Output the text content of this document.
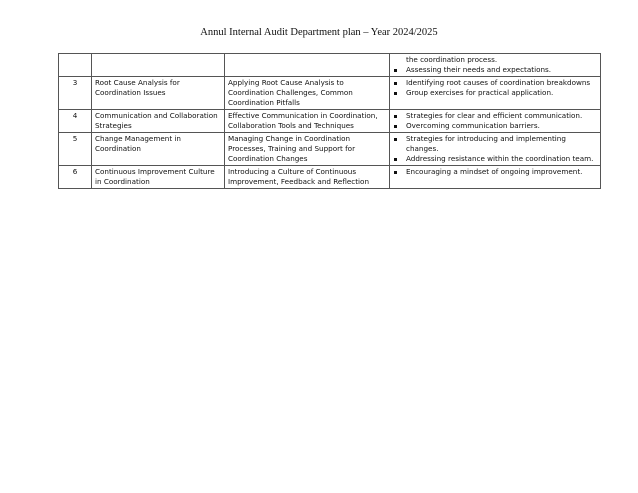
Annul Internal Audit Department plan – Year 2024/2025

			the coordination process.
Assessing their needs and expectations.

3	Root Cause Analysis for Coordination Issues	Applying Root Cause Analysis to Coordination Challenges, Common Coordination Pitfalls	Identifying root causes of coordination breakdowns
Group exercises for practical application.

4	Communication and Collaboration Strategies	Effective Communication in Coordination, Collaboration Tools and Techniques	Strategies for clear and efficient communication.
Overcoming communication barriers.

5	Change Management in Coordination	Managing Change in Coordination Processes, Training and Support for Coordination Changes	Strategies for introducing and implementing changes.
Addressing resistance within the coordination team.

6	Continuous Improvement Culture in Coordination	Introducing a Culture of Continuous Improvement, Feedback and Reflection	Encouraging a mindset of ongoing improvement.
